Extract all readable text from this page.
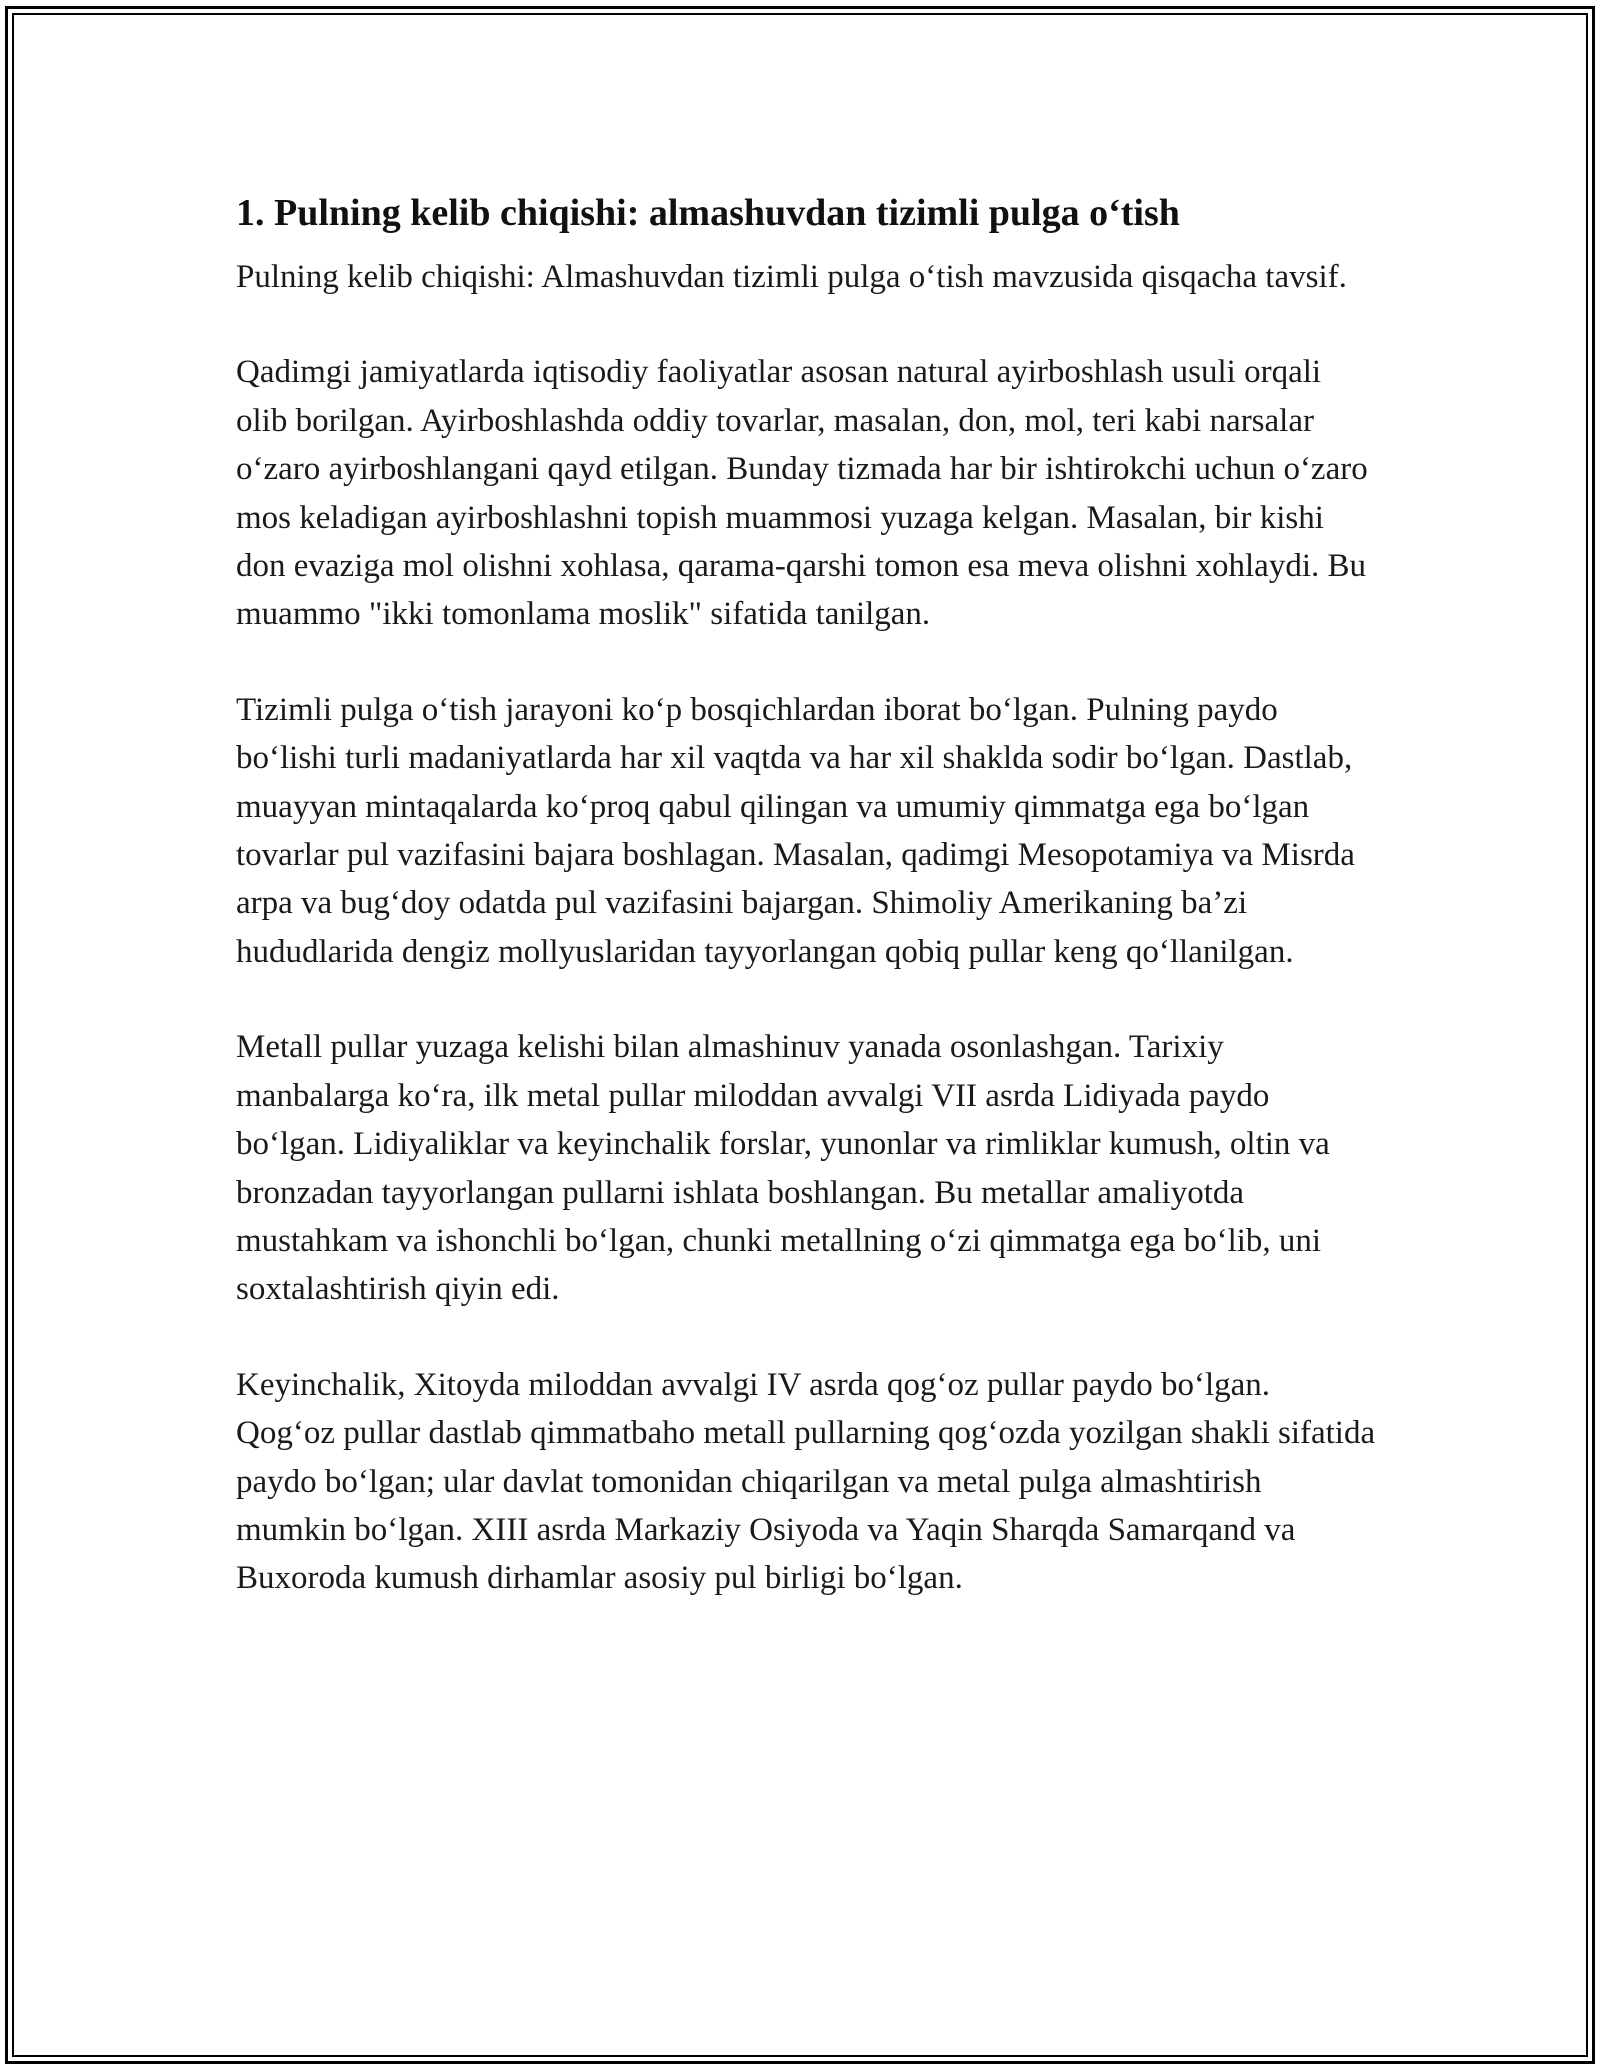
1. Pulning kelib chiqishi: almashuvdan tizimli pulga o‘tish

Pulning kelib chiqishi: Almashuvdan tizimli pulga o‘tish mavzusida qisqacha tavsif.

Qadimgi jamiyatlarda iqtisodiy faoliyatlar asosan natural ayirboshlash usuli orqali olib borilgan. Ayirboshlashda oddiy tovarlar, masalan, don, mol, teri kabi narsalar o‘zaro ayirboshlangani qayd etilgan. Bunday tizmada har bir ishtirokchi uchun o‘zaro mos keladigan ayirboshlashni topish muammosi yuzaga kelgan. Masalan, bir kishi don evaziga mol olishni xohlasa, qarama-qarshi tomon esa meva olishni xohlaydi. Bu muammo "ikki tomonlama moslik" sifatida tanilgan.

Tizimli pulga o‘tish jarayoni ko‘p bosqichlardan iborat bo‘lgan. Pulning paydo bo‘lishi turli madaniyatlarda har xil vaqtda va har xil shaklda sodir bo‘lgan. Dastlab, muayyan mintaqalarda ko‘proq qabul qilingan va umumiy qimmatga ega bo‘lgan tovarlar pul vazifasini bajara boshlagan. Masalan, qadimgi Mesopotamiya va Misrda arpa va bug‘doy odatda pul vazifasini bajargan. Shimoliy Amerikaning ba’zi hududlarida dengiz mollyuslaridan tayyorlangan qobiq pullar keng qo‘llanilgan.

Metall pullar yuzaga kelishi bilan almashinuv yanada osonlashgan. Tarixiy manbalarga ko‘ra, ilk metal pullar miloddan avvalgi VII asrda Lidiyada paydo bo‘lgan. Lidiyaliklar va keyinchalik forslar, yunonlar va rimliklar kumush, oltin va bronzadan tayyorlangan pullarni ishlata boshlangan. Bu metallar amaliyotda mustahkam va ishonchli bo‘lgan, chunki metallning o‘zi qimmatga ega bo‘lib, uni soxtalashtirish qiyin edi.

Keyinchalik, Xitoyda miloddan avvalgi IV asrda qog‘oz pullar paydo bo‘lgan. Qog‘oz pullar dastlab qimmatbaho metall pullarning qog‘ozda yozilgan shakli sifatida paydo bo‘lgan; ular davlat tomonidan chiqarilgan va metal pulga almashtirish mumkin bo‘lgan. XIII asrda Markaziy Osiyoda va Yaqin Sharqda Samarqand va Buxoroda kumush dirhamlar asosiy pul birligi bo‘lgan.
